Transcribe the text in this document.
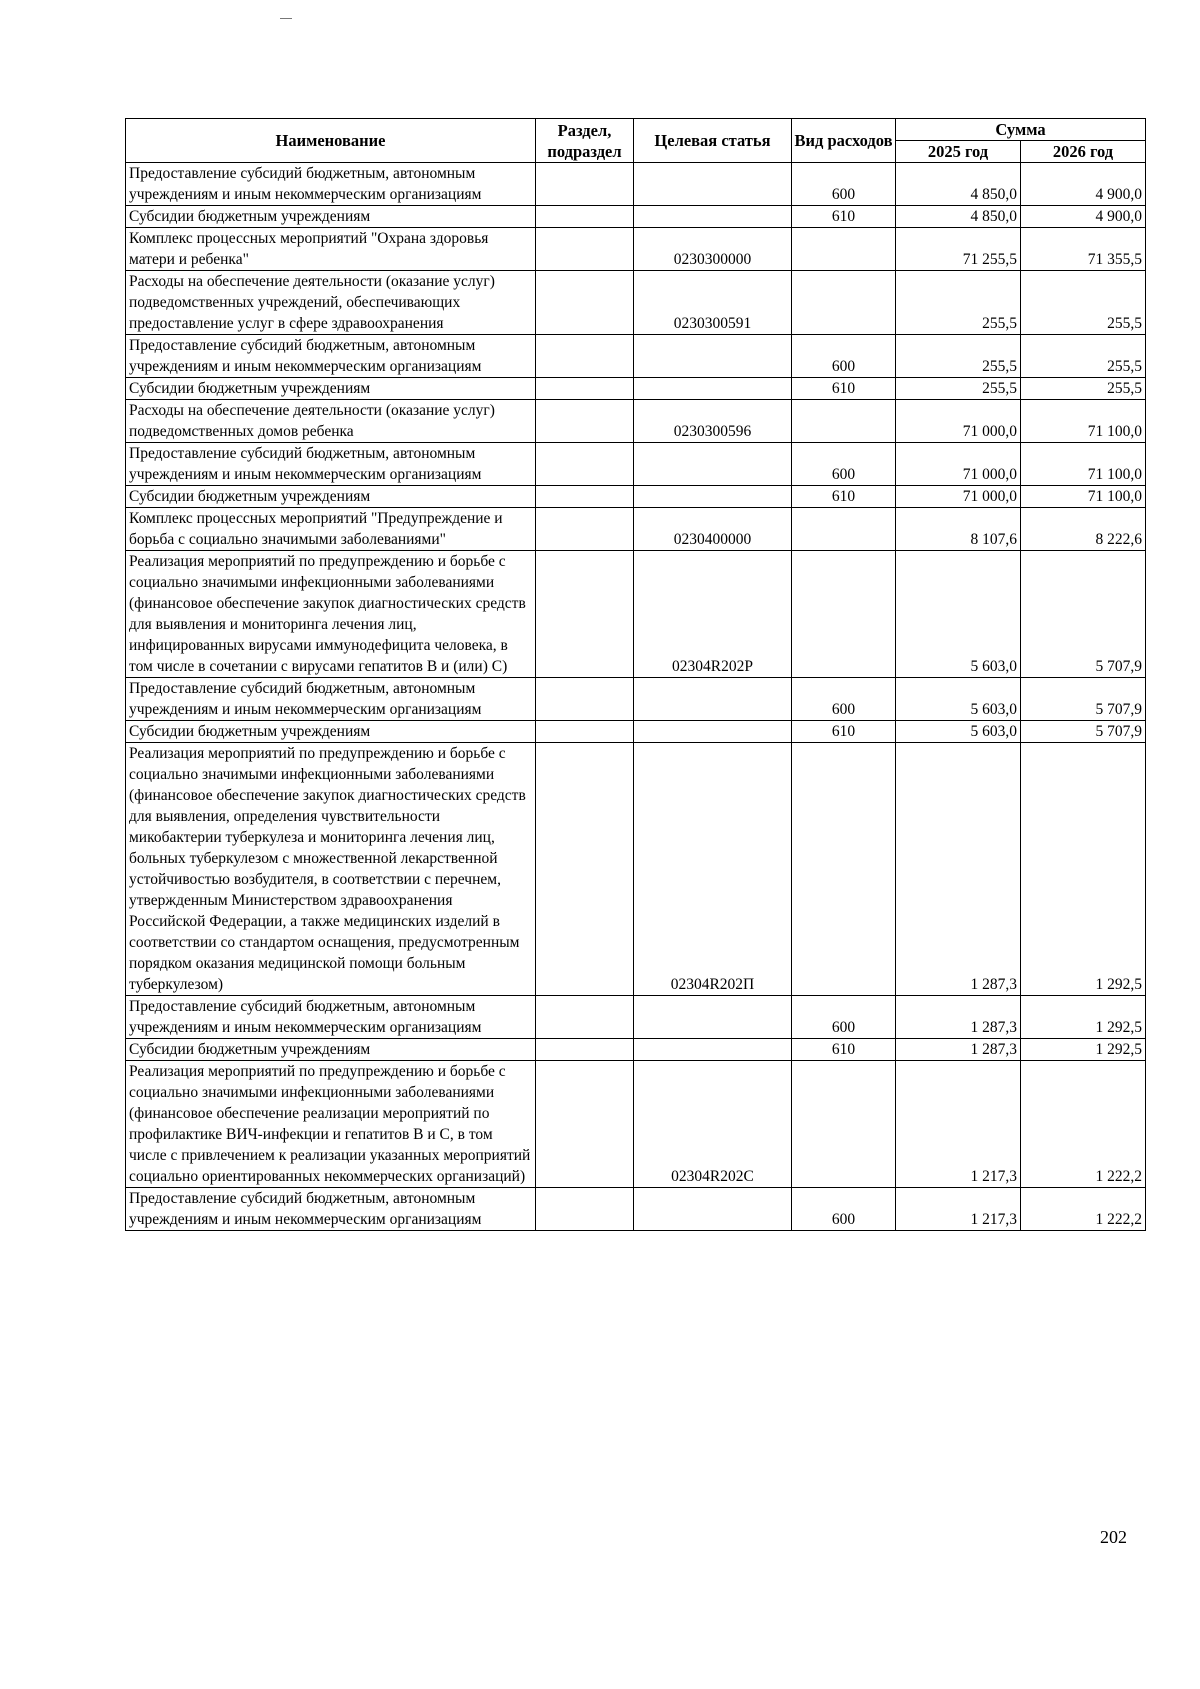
Наименование	Раздел, подраздел	Целевая статья	Вид расходов	Сумма	
				2025 год	2026 год
Предоставление субсидий бюджетным, автономным учреждениям и иным некоммерческим организациям			600	4 850,0	4 900,0
Субсидии бюджетным учреждениям			610	4 850,0	4 900,0
Комплекс процессных мероприятий "Охрана здоровья матери и ребенка"		0230300000		71 255,5	71 355,5
Расходы на обеспечение деятельности (оказание услуг) подведомственных учреждений, обеспечивающих предоставление услуг в сфере здравоохранения		0230300591		255,5	255,5
Предоставление субсидий бюджетным, автономным учреждениям и иным некоммерческим организациям			600	255,5	255,5
Субсидии бюджетным учреждениям			610	255,5	255,5
Расходы на обеспечение деятельности (оказание услуг) подведомственных домов ребенка		0230300596		71 000,0	71 100,0
Предоставление субсидий бюджетным, автономным учреждениям и иным некоммерческим организациям			600	71 000,0	71 100,0
Субсидии бюджетным учреждениям			610	71 000,0	71 100,0
Комплекс процессных мероприятий "Предупреждение и борьба с социально значимыми заболеваниями"		0230400000		8 107,6	8 222,6
Реализация мероприятий по предупреждению и борьбе с социально значимыми инфекционными заболеваниями (финансовое обеспечение закупок диагностических средств для выявления и мониторинга лечения лиц, инфицированных вирусами иммунодефицита человека, в том числе в сочетании с вирусами гепатитов В и (или) С)		02304R202Р		5 603,0	5 707,9
Предоставление субсидий бюджетным, автономным учреждениям и иным некоммерческим организациям			600	5 603,0	5 707,9
Субсидии бюджетным учреждениям			610	5 603,0	5 707,9
Реализация мероприятий по предупреждению и борьбе с социально значимыми инфекционными заболеваниями (финансовое обеспечение закупок диагностических средств для выявления, определения чувствительности микобактерии туберкулеза и мониторинга лечения лиц, больных туберкулезом с множественной лекарственной устойчивостью возбудителя, в соответствии с перечнем, утвержденным Министерством здравоохранения Российской Федерации, а также медицинских изделий в соответствии со стандартом оснащения, предусмотренным порядком оказания медицинской помощи больным туберкулезом)		02304R202П		1 287,3	1 292,5
Предоставление субсидий бюджетным, автономным учреждениям и иным некоммерческим организациям			600	1 287,3	1 292,5
Субсидии бюджетным учреждениям			610	1 287,3	1 292,5
Реализация мероприятий по предупреждению и борьбе с социально значимыми инфекционными заболеваниями (финансовое обеспечение реализации мероприятий по профилактике ВИЧ-инфекции и гепатитов В и С, в том числе с привлечением к реализации указанных мероприятий социально ориентированных некоммерческих организаций)		02304R202С		1 217,3	1 222,2
Предоставление субсидий бюджетным, автономным учреждениям и иным некоммерческим организациям			600	1 217,3	1 222,2
202
